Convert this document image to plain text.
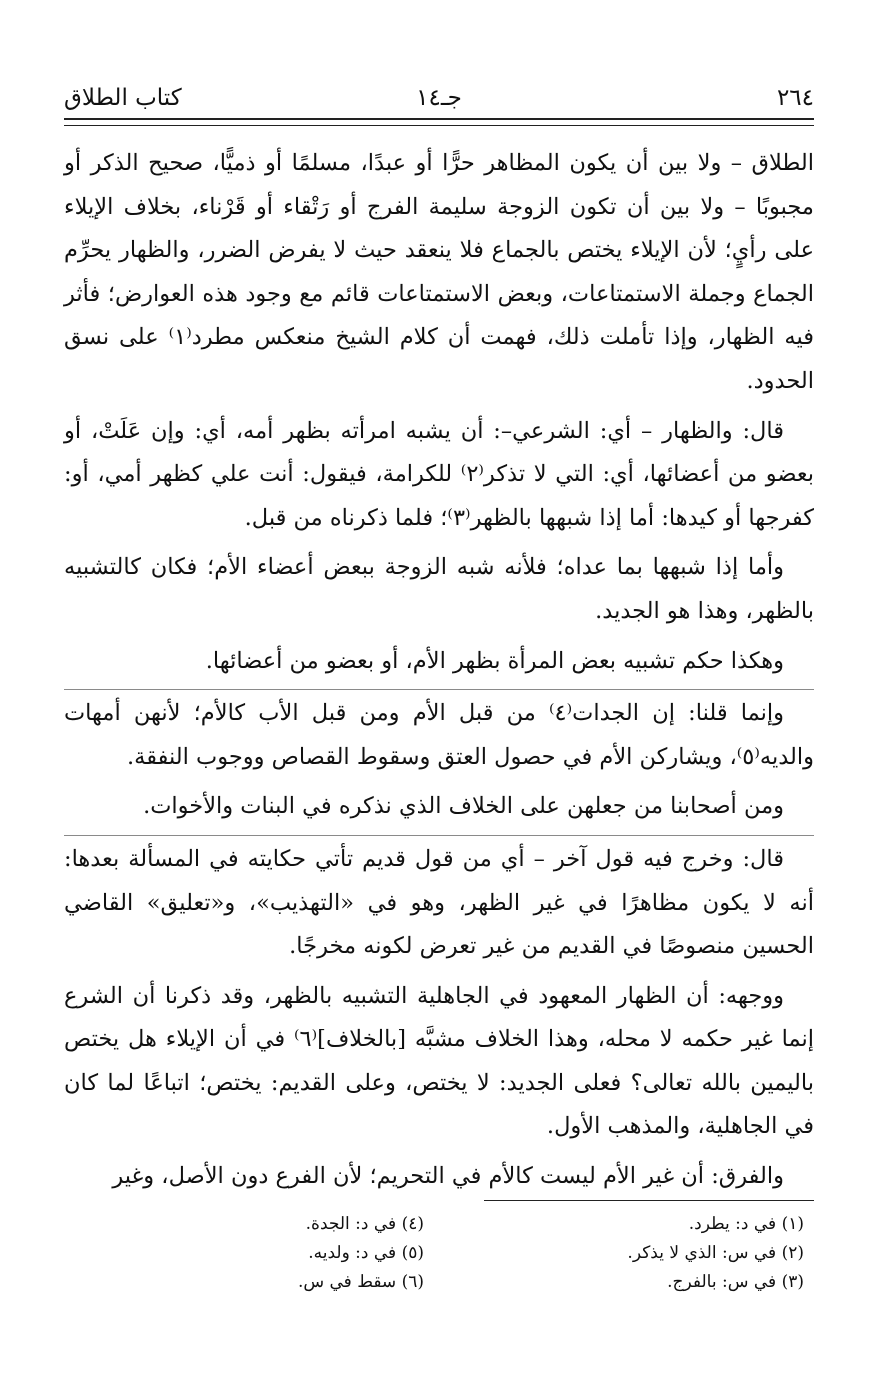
٢٦٤
جـ١٤
كتاب الطلاق

الطلاق – ولا بين أن يكون المظاهر حرًّا أو عبدًا، مسلمًا أو ذميًّا، صحيح الذكر أو مجبوبًا – ولا بين أن تكون الزوجة سليمة الفرج أو رَتْقاء أو قَرْناء، بخلاف الإيلاء على رأيٍ؛ لأن الإيلاء يختص بالجماع فلا ينعقد حيث لا يفرض الضرر، والظهار يحرِّم الجماع وجملة الاستمتاعات، وبعض الاستمتاعات قائم مع وجود هذه العوارض؛ فأثر فيه الظهار، وإذا تأملت ذلك، فهمت أن كلام الشيخ منعكس مطرد⁽١⁾ على نسق الحدود.

قال: والظهار – أي: الشرعي–: أن يشبه امرأته بظهر أمه، أي: وإن عَلَتْ، أو بعضو من أعضائها، أي: التي لا تذكر⁽٢⁾ للكرامة، فيقول: أنت علي كظهر أمي، أو: كفرجها أو كيدها: أما إذا شبهها بالظهر⁽٣⁾؛ فلما ذكرناه من قبل.

وأما إذا شبهها بما عداه؛ فلأنه شبه الزوجة ببعض أعضاء الأم؛ فكان كالتشبيه بالظهر، وهذا هو الجديد.

وهكذا حكم تشبيه بعض المرأة بظهر الأم، أو بعضو من أعضائها.

وإنما قلنا: إن الجدات⁽٤⁾ من قبل الأم ومن قبل الأب كالأم؛ لأنهن أمهات والديه⁽٥⁾، ويشاركن الأم في حصول العتق وسقوط القصاص ووجوب النفقة.

ومن أصحابنا من جعلهن على الخلاف الذي نذكره في البنات والأخوات.

قال: وخرج فيه قول آخر – أي من قول قديم تأتي حكايته في المسألة بعدها: أنه لا يكون مظاهرًا في غير الظهر، وهو في «التهذيب»، و«تعليق» القاضي الحسين منصوصًا في القديم من غير تعرض لكونه مخرجًا.

ووجهه: أن الظهار المعهود في الجاهلية التشبيه بالظهر، وقد ذكرنا أن الشرع إنما غير حكمه لا محله، وهذا الخلاف مشبَّه [بالخلاف]⁽٦⁾ في أن الإيلاء هل يختص باليمين بالله تعالى؟ فعلى الجديد: لا يختص، وعلى القديم: يختص؛ اتباعًا لما كان في الجاهلية، والمذهب الأول.

والفرق: أن غير الأم ليست كالأم في التحريم؛ لأن الفرع دون الأصل، وغير

(١) في د: يطرد.
(٢) في س: الذي لا يذكر.
(٣) في س: بالفرج.
(٤) في د: الجدة.
(٥) في د: ولديه.
(٦) سقط في س.
